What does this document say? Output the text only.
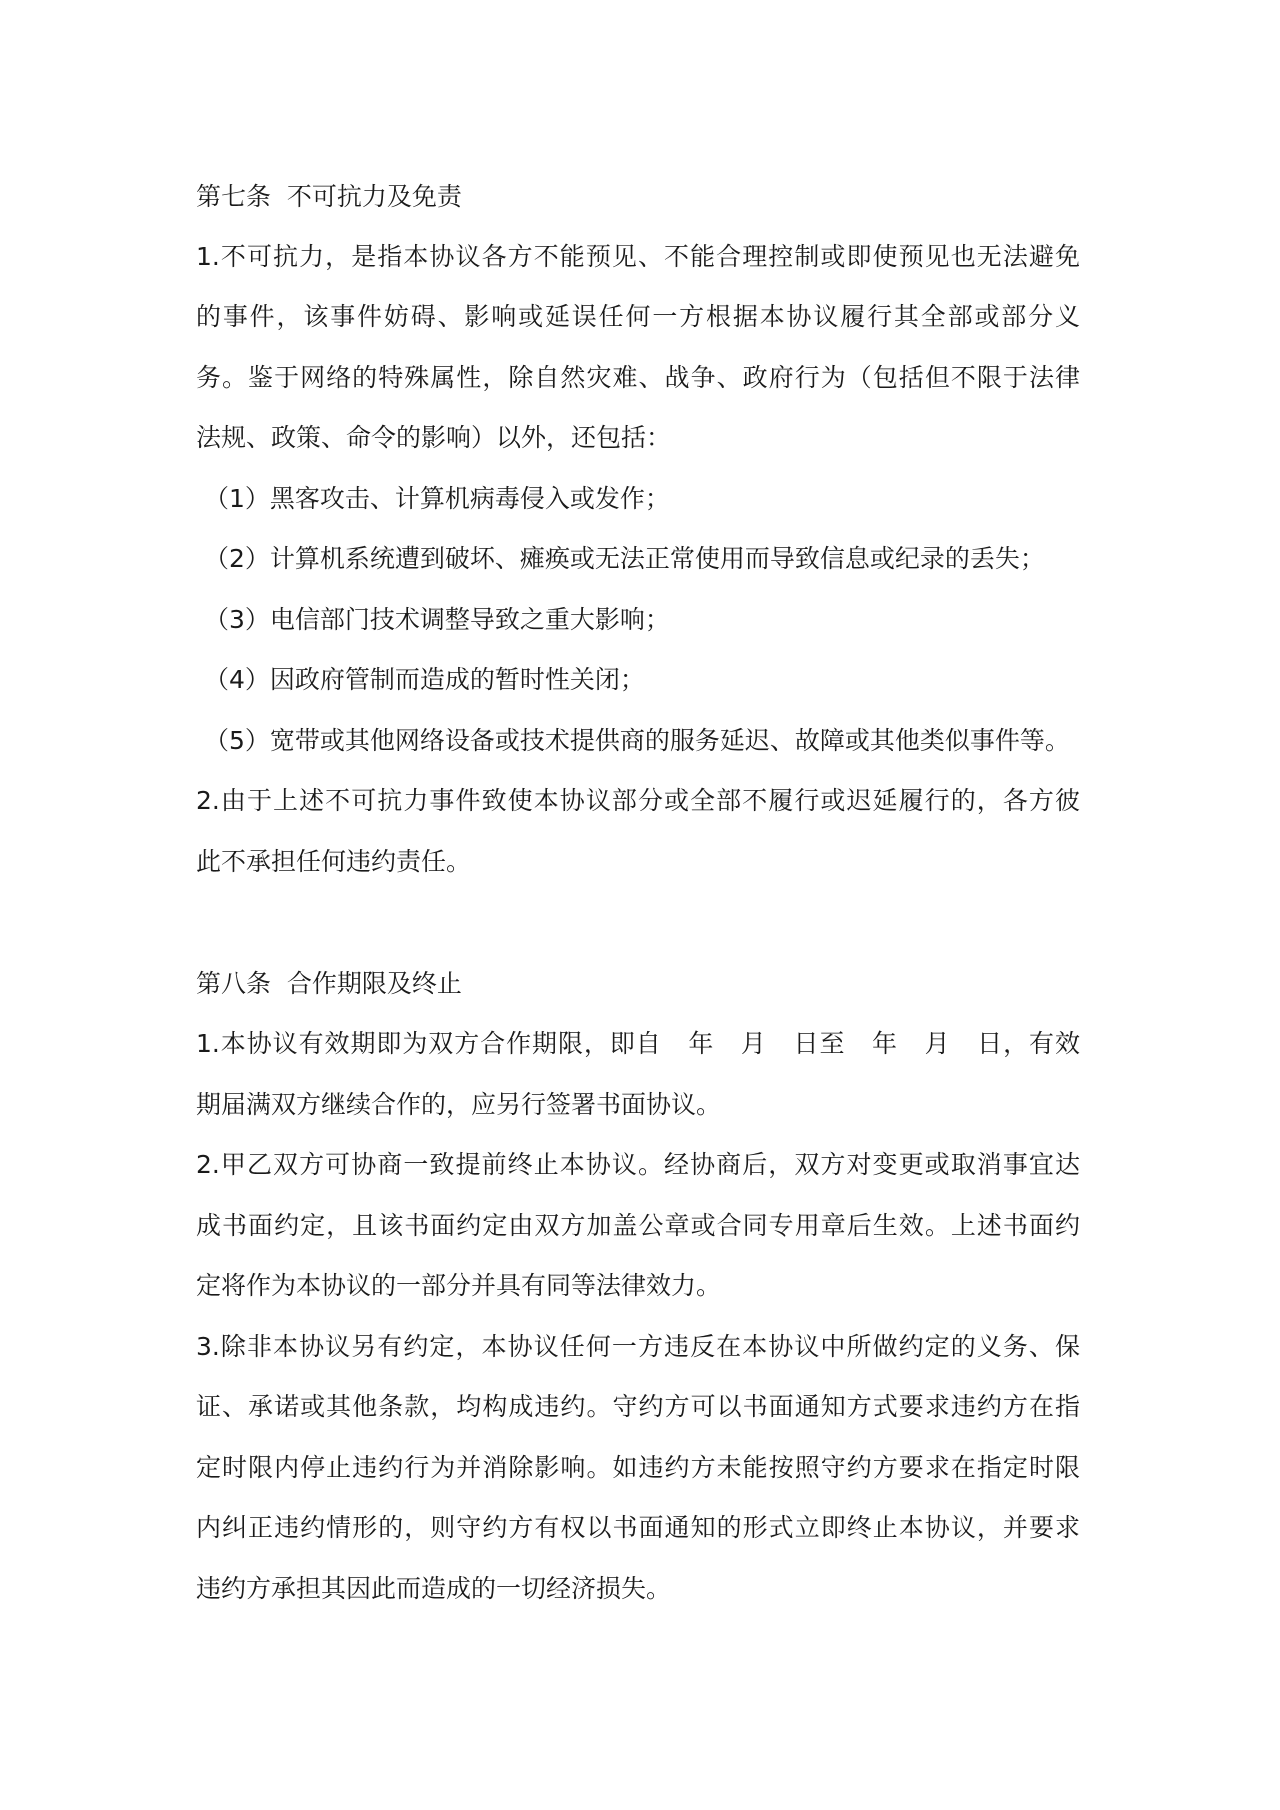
第七条  不可抗力及免责
1.不可抗力，是指本协议各方不能预见、不能合理控制或即使预见也无法避免
的事件，该事件妨碍、影响或延误任何一方根据本协议履行其全部或部分义
务。鉴于网络的特殊属性，除自然灾难、战争、政府行为（包括但不限于法律
法规、政策、命令的影响）以外，还包括：
（1）黑客攻击、计算机病毒侵入或发作；
（2）计算机系统遭到破坏、瘫痪或无法正常使用而导致信息或纪录的丢失；
（3）电信部门技术调整导致之重大影响；
（4）因政府管制而造成的暂时性关闭；
（5）宽带或其他网络设备或技术提供商的服务延迟、故障或其他类似事件等。
2.由于上述不可抗力事件致使本协议部分或全部不履行或迟延履行的，各方彼
此不承担任何违约责任。
第八条  合作期限及终止
1.本协议有效期即为双方合作期限，即自   年   月   日至   年   月   日，有效
期届满双方继续合作的，应另行签署书面协议。
2.甲乙双方可协商一致提前终止本协议。经协商后，双方对变更或取消事宜达
成书面约定，且该书面约定由双方加盖公章或合同专用章后生效。上述书面约
定将作为本协议的一部分并具有同等法律效力。
3.除非本协议另有约定，本协议任何一方违反在本协议中所做约定的义务、保
证、承诺或其他条款，均构成违约。守约方可以书面通知方式要求违约方在指
定时限内停止违约行为并消除影响。如违约方未能按照守约方要求在指定时限
内纠正违约情形的，则守约方有权以书面通知的形式立即终止本协议，并要求
违约方承担其因此而造成的一切经济损失。
